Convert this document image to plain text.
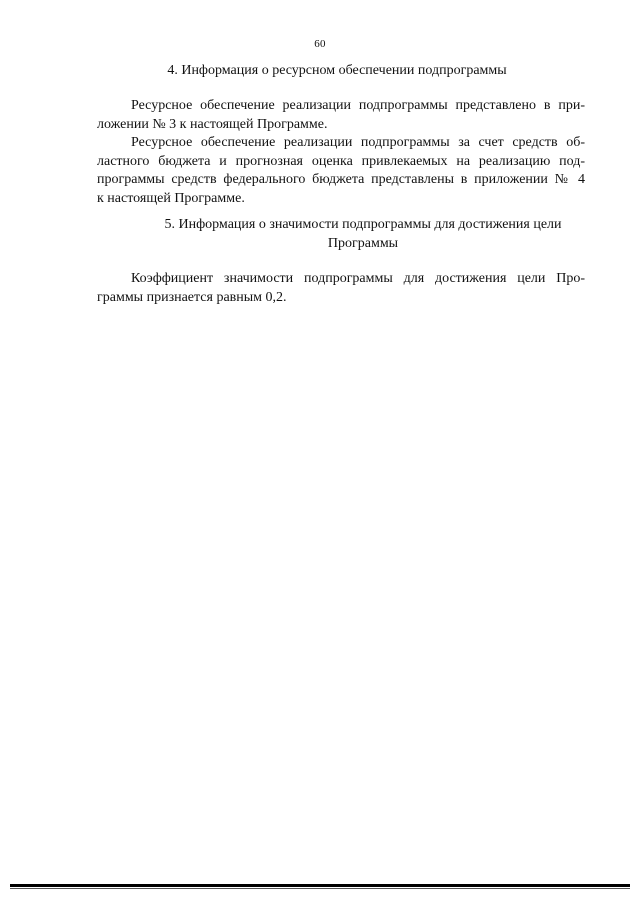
60
4. Информация о ресурсном обеспечении подпрограммы
Ресурсное обеспечение реализации подпрограммы представлено в при-
ложении № 3 к настоящей Программе.
Ресурсное обеспечение реализации подпрограммы за счет средств об-
ластного бюджета и прогнозная оценка привлекаемых на реализацию под-
программы средств федерального бюджета представлены в приложении № 4
к настоящей Программе.
5. Информация о значимости подпрограммы для достижения цели
Программы
Коэффициент значимости подпрограммы для достижения цели Про-
граммы признается равным 0,2.
